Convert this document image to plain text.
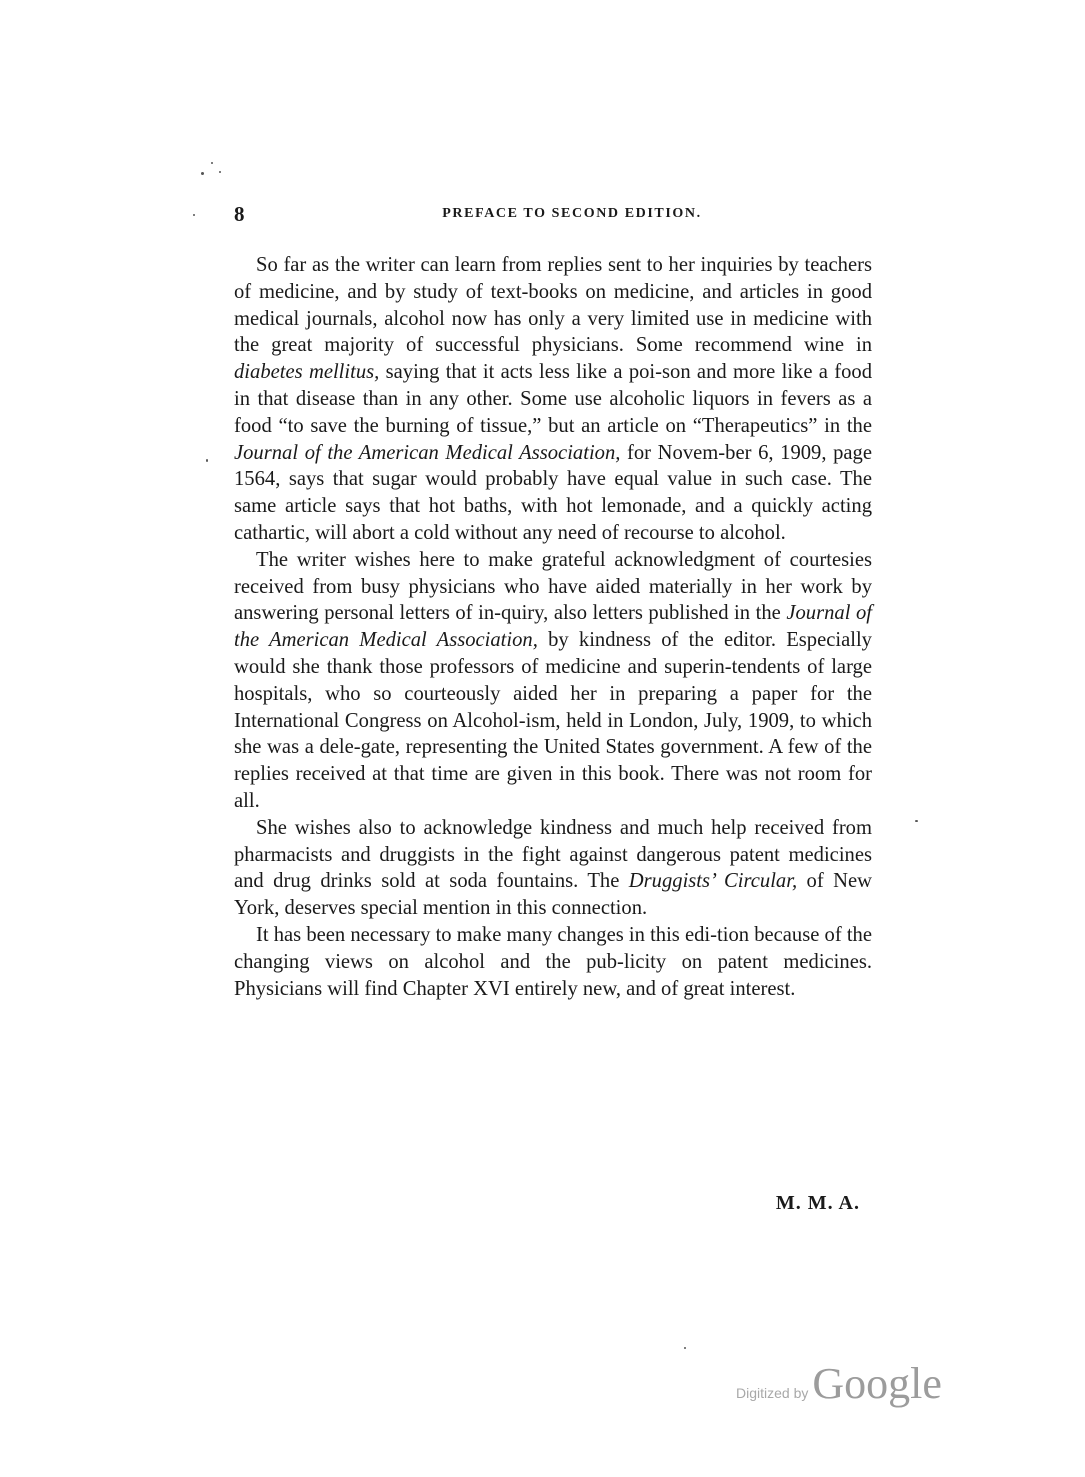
8	PREFACE TO SECOND EDITION.

So far as the writer can learn from replies sent to her inquiries by teachers of medicine, and by study of text-books on medicine, and articles in good medical journals, alcohol now has only a very limited use in medicine with the great majority of successful physicians. Some recommend wine in diabetes mellitus, saying that it acts less like a poi-son and more like a food in that disease than in any other. Some use alcoholic liquors in fevers as a food “to save the burning of tissue,” but an article on “Therapeutics” in the Journal of the American Medical Association, for Novem-ber 6, 1909, page 1564, says that sugar would probably have equal value in such case. The same article says that hot baths, with hot lemonade, and a quickly acting cathartic, will abort a cold without any need of recourse to alcohol.

The writer wishes here to make grateful acknowledgment of courtesies received from busy physicians who have aided materially in her work by answering personal letters of in-quiry, also letters published in the Journal of the American Medical Association, by kindness of the editor. Especially would she thank those professors of medicine and superin-tendents of large hospitals, who so courteously aided her in preparing a paper for the International Congress on Alcohol-ism, held in London, July, 1909, to which she was a dele-gate, representing the United States government. A few of the replies received at that time are given in this book. There was not room for all.

She wishes also to acknowledge kindness and much help received from pharmacists and druggists in the fight against dangerous patent medicines and drug drinks sold at soda fountains. The Druggists’ Circular, of New York, deserves special mention in this connection.

It has been necessary to make many changes in this edi-tion because of the changing views on alcohol and the pub-licity on patent medicines. Physicians will find Chapter XVI entirely new, and of great interest.

M. M. A.
Digitized by Google
